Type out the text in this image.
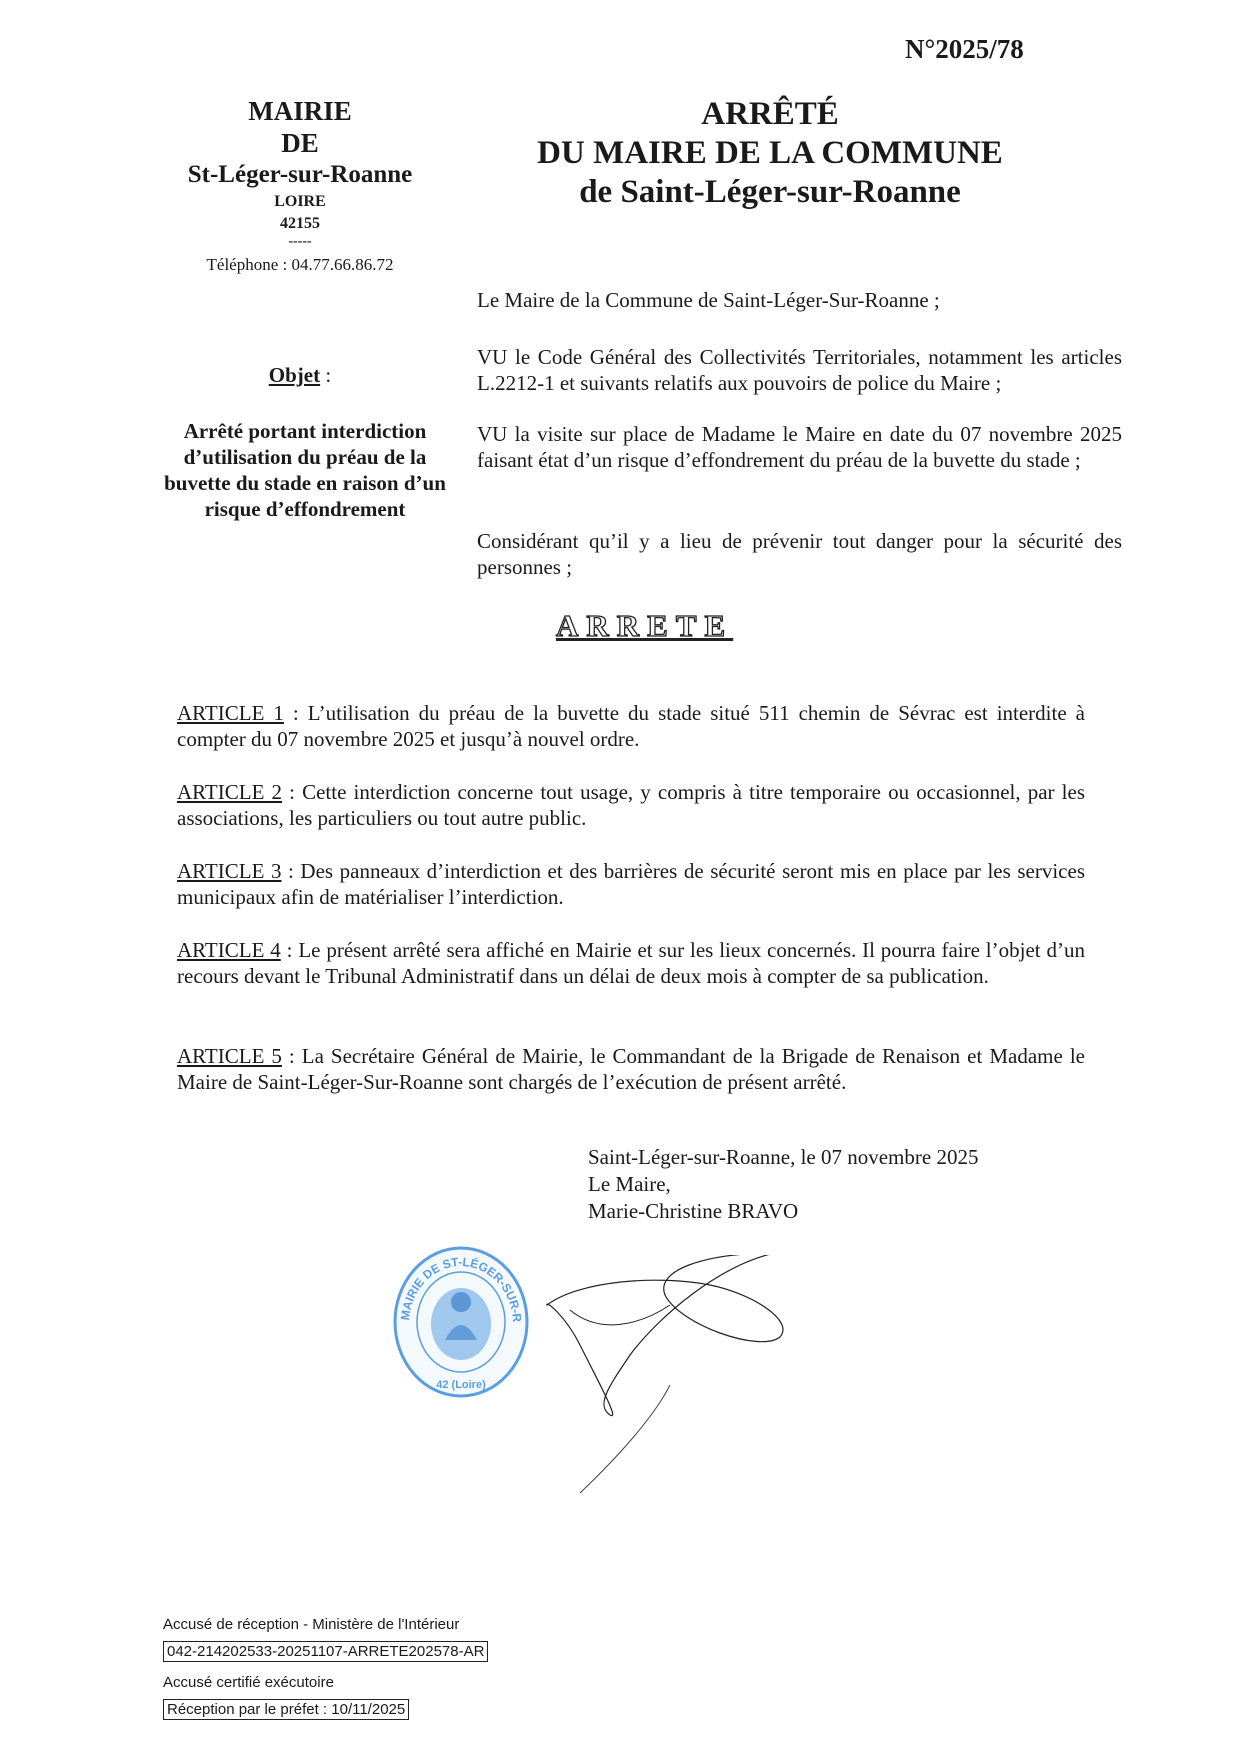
N°2025/78
MAIRIE
DE
St-Léger-sur-Roanne
LOIRE
42155
-----
Téléphone : 04.77.66.86.72
ARRÊTÉ
DU MAIRE DE LA COMMUNE
de Saint-Léger-sur-Roanne
Objet :
Arrêté portant interdiction d’utilisation du préau de la buvette du stade en raison d’un risque d’effondrement
Le Maire de la Commune de Saint-Léger-Sur-Roanne ;
VU le Code Général des Collectivités Territoriales, notamment les articles L.2212-1 et suivants relatifs aux pouvoirs de police du Maire ;
VU la visite sur place de Madame le Maire en date du 07 novembre 2025 faisant état d’un risque d’effondrement du préau de la buvette du stade ;
Considérant qu’il y a lieu de prévenir tout danger pour la sécurité des personnes ;
ARRETE
ARTICLE 1 : L’utilisation du préau de la buvette du stade situé 511 chemin de Sévrac est interdite à compter du 07 novembre 2025 et jusqu’à nouvel ordre.
ARTICLE 2 : Cette interdiction concerne tout usage, y compris à titre temporaire ou occasionnel, par les associations, les particuliers ou tout autre public.
ARTICLE 3 : Des panneaux d’interdiction et des barrières de sécurité seront mis en place par les services municipaux afin de matérialiser l’interdiction.
ARTICLE 4 : Le présent arrêté sera affiché en Mairie et sur les lieux concernés. Il pourra faire l’objet d’un recours devant le Tribunal Administratif dans un délai de deux mois à compter de sa publication.
ARTICLE 5 : La Secrétaire Général de Mairie, le Commandant de la Brigade de Renaison et Madame le Maire de Saint-Léger-Sur-Roanne sont chargés de l’exécution de présent arrêté.
Saint-Léger-sur-Roanne, le 07 novembre 2025
Le Maire,
Marie-Christine BRAVO
MAIRIE DE ST-LÉGER-SUR-R
42 (Loire)
Accusé de réception - Ministère de l'Intérieur
042-214202533-20251107-ARRETE202578-AR
Accusé certifié exécutoire
Réception par le préfet : 10/11/2025
